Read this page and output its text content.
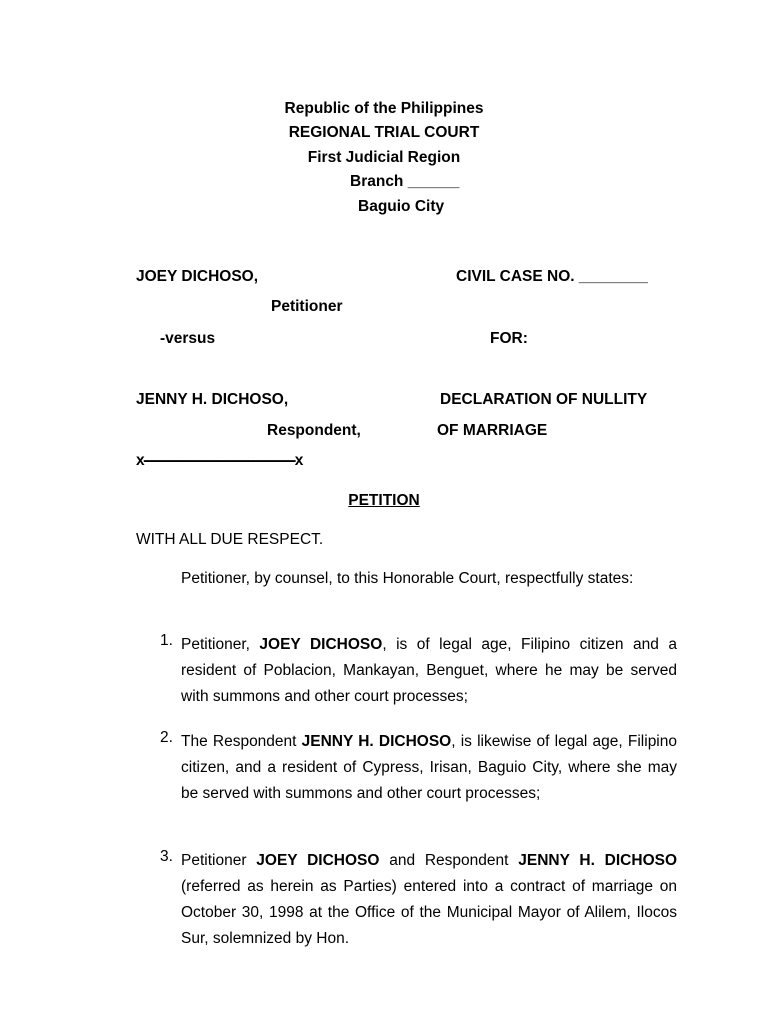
Republic of the Philippines
REGIONAL TRIAL COURT
First Judicial Region
Branch ______
Baguio City
JOEY DICHOSO,
Petitioner
-versus
JENNY H. DICHOSO,
Respondent,
x------------------------------------------x
CIVIL CASE NO. ________
FOR:
DECLARATION OF NULLITY
OF MARRIAGE
PETITION
WITH ALL DUE RESPECT.
Petitioner, by counsel, to this Honorable Court, respectfully states:
1. Petitioner, JOEY DICHOSO, is of legal age, Filipino citizen and a resident of Poblacion, Mankayan, Benguet, where he may be served with summons and other court processes;
2. The Respondent JENNY H. DICHOSO, is likewise of legal age, Filipino citizen, and a resident of Cypress, Irisan, Baguio City, where she may be served with summons and other court processes;
3. Petitioner JOEY DICHOSO and Respondent JENNY H. DICHOSO (referred as herein as Parties) entered into a contract of marriage on October 30, 1998 at the Office of the Municipal Mayor of Alilem, Ilocos Sur, solemnized by Hon.
